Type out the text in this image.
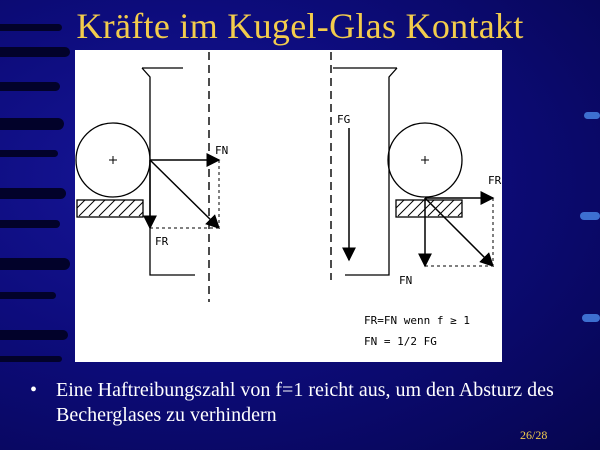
Kräfte im Kugel-Glas Kontakt
FN
FR
FG
FR
FN
FR=FN wenn f ≥ 1
FN = 1/2 FG
• Eine Haftreibungszahl von f=1 reicht aus, um den Absturz des Becherglases zu verhindern
26/28
